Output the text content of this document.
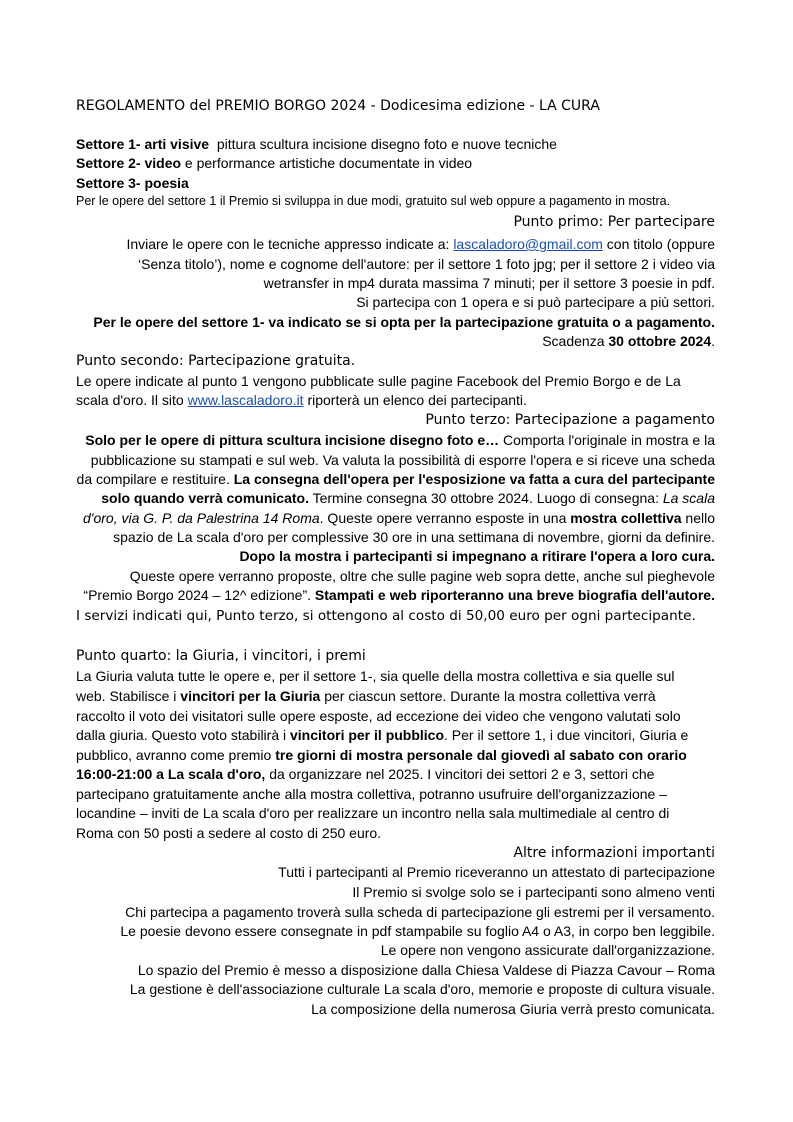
REGOLAMENTO del PREMIO BORGO 2024 - Dodicesima edizione - LA CURA
Settore 1- arti visive pittura scultura incisione disegno foto e nuove tecniche
Settore 2- video e performance artistiche documentate in video
Settore 3- poesia
Per le opere del settore 1 il Premio si sviluppa in due modi, gratuito sul web oppure a pagamento in mostra.
Punto primo: Per partecipare
Inviare le opere con le tecniche appresso indicate a: lascaladoro@gmail.com con titolo (oppure
‘Senza titolo’), nome e cognome dell'autore: per il settore 1 foto jpg; per il settore 2 i video via
wetransfer in mp4 durata massima 7 minuti; per il settore 3 poesie in pdf.
Si partecipa con 1 opera e si può partecipare a più settori.
Per le opere del settore 1- va indicato se si opta per la partecipazione gratuita o a pagamento.
Scadenza 30 ottobre 2024.
Punto secondo: Partecipazione gratuita.
Le opere indicate al punto 1 vengono pubblicate sulle pagine Facebook del Premio Borgo e de La
scala d'oro. Il sito www.lascaladoro.it riporterà un elenco dei partecipanti.
Punto terzo: Partecipazione a pagamento
Solo per le opere di pittura scultura incisione disegno foto e… Comporta l'originale in mostra e la
pubblicazione su stampati e sul web. Va valuta la possibilità di esporre l'opera e si riceve una scheda
da compilare e restituire. La consegna dell'opera per l'esposizione va fatta a cura del partecipante
solo quando verrà comunicato. Termine consegna 30 ottobre 2024. Luogo di consegna: La scala
d'oro, via G. P. da Palestrina 14 Roma. Queste opere verranno esposte in una mostra collettiva nello
spazio de La scala d'oro per complessive 30 ore in una settimana di novembre, giorni da definire.
Dopo la mostra i partecipanti si impegnano a ritirare l'opera a loro cura.
Queste opere verranno proposte, oltre che sulle pagine web sopra dette, anche sul pieghevole
“Premio Borgo 2024 – 12^ edizione”. Stampati e web riporteranno una breve biografia dell'autore.
I servizi indicati qui, Punto terzo, si ottengono al costo di 50,00 euro per ogni partecipante.
Punto quarto: la Giuria, i vincitori, i premi
La Giuria valuta tutte le opere e, per il settore 1-, sia quelle della mostra collettiva e sia quelle sul
web. Stabilisce i vincitori per la Giuria per ciascun settore. Durante la mostra collettiva verrà
raccolto il voto dei visitatori sulle opere esposte, ad eccezione dei video che vengono valutati solo
dalla giuria. Questo voto stabilirà i vincitori per il pubblico. Per il settore 1, i due vincitori, Giuria e
pubblico, avranno come premio tre giorni di mostra personale dal giovedì al sabato con orario
16:00-21:00 a La scala d'oro, da organizzare nel 2025. I vincitori dei settori 2 e 3, settori che
partecipano gratuitamente anche alla mostra collettiva, potranno usufruire dell'organizzazione –
locandine – inviti de La scala d'oro per realizzare un incontro nella sala multimediale al centro di
Roma con 50 posti a sedere al costo di 250 euro.
Altre informazioni importanti
Tutti i partecipanti al Premio riceveranno un attestato di partecipazione
Il Premio si svolge solo se i partecipanti sono almeno venti
Chi partecipa a pagamento troverà sulla scheda di partecipazione gli estremi per il versamento.
Le poesie devono essere consegnate in pdf stampabile su foglio A4 o A3, in corpo ben leggibile.
Le opere non vengono assicurate dall'organizzazione.
Lo spazio del Premio è messo a disposizione dalla Chiesa Valdese di Piazza Cavour – Roma
La gestione è dell'associazione culturale La scala d'oro, memorie e proposte di cultura visuale.
La composizione della numerosa Giuria verrà presto comunicata.
